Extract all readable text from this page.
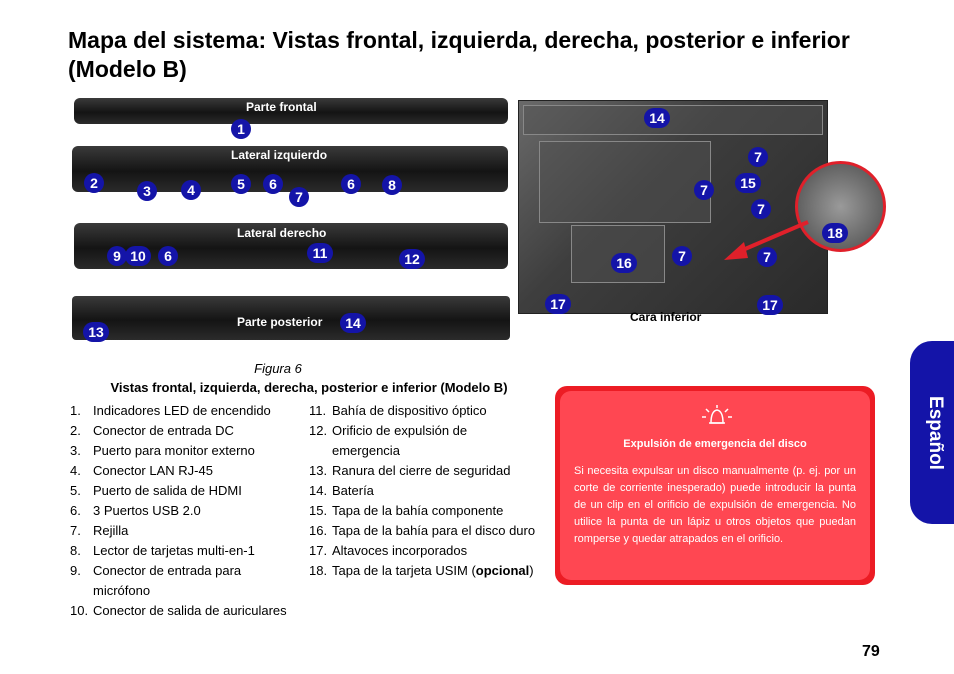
Mapa del sistema: Vistas frontal, izquierda, derecha, posterior e inferior (Modelo B)
Parte frontal
1
Lateral izquierdo
2	3	4	5	6
7
6	8
Lateral derecho
9 10	6	11	12
Parte posterior
13
14	Cara inferior
14
7
7	15
7
18
7	7
16
17	17
Figura 6
Vistas frontal, izquierda, derecha, posterior e inferior (Modelo B)
1. Indicadores LED de encendido
2. Conector de entrada DC
3. Puerto para monitor externo
4. Conector LAN RJ-45
5. Puerto de salida de HDMI
6. 3 Puertos USB 2.0
7. Rejilla
8. Lector de tarjetas multi-en-1
9. Conector de entrada para micrófono
10. Conector de salida de auriculares
11. Bahía de dispositivo óptico
12. Orificio de expulsión de emergencia
13. Ranura del cierre de seguridad
14. Batería
15. Tapa de la bahía componente
16. Tapa de la bahía para el disco duro
17. Altavoces incorporados
18. Tapa de la tarjeta USIM (opcional)
Expulsión de emergencia del disco

Si necesita expulsar un disco manualmente (p. ej. por un corte de corriente inesperado) puede introducir la punta de un clip en el orificio de expulsión de emergencia. No utilice la punta de un lápiz u otros objetos que puedan romperse y quedar atrapados en el orificio.

Español
79
